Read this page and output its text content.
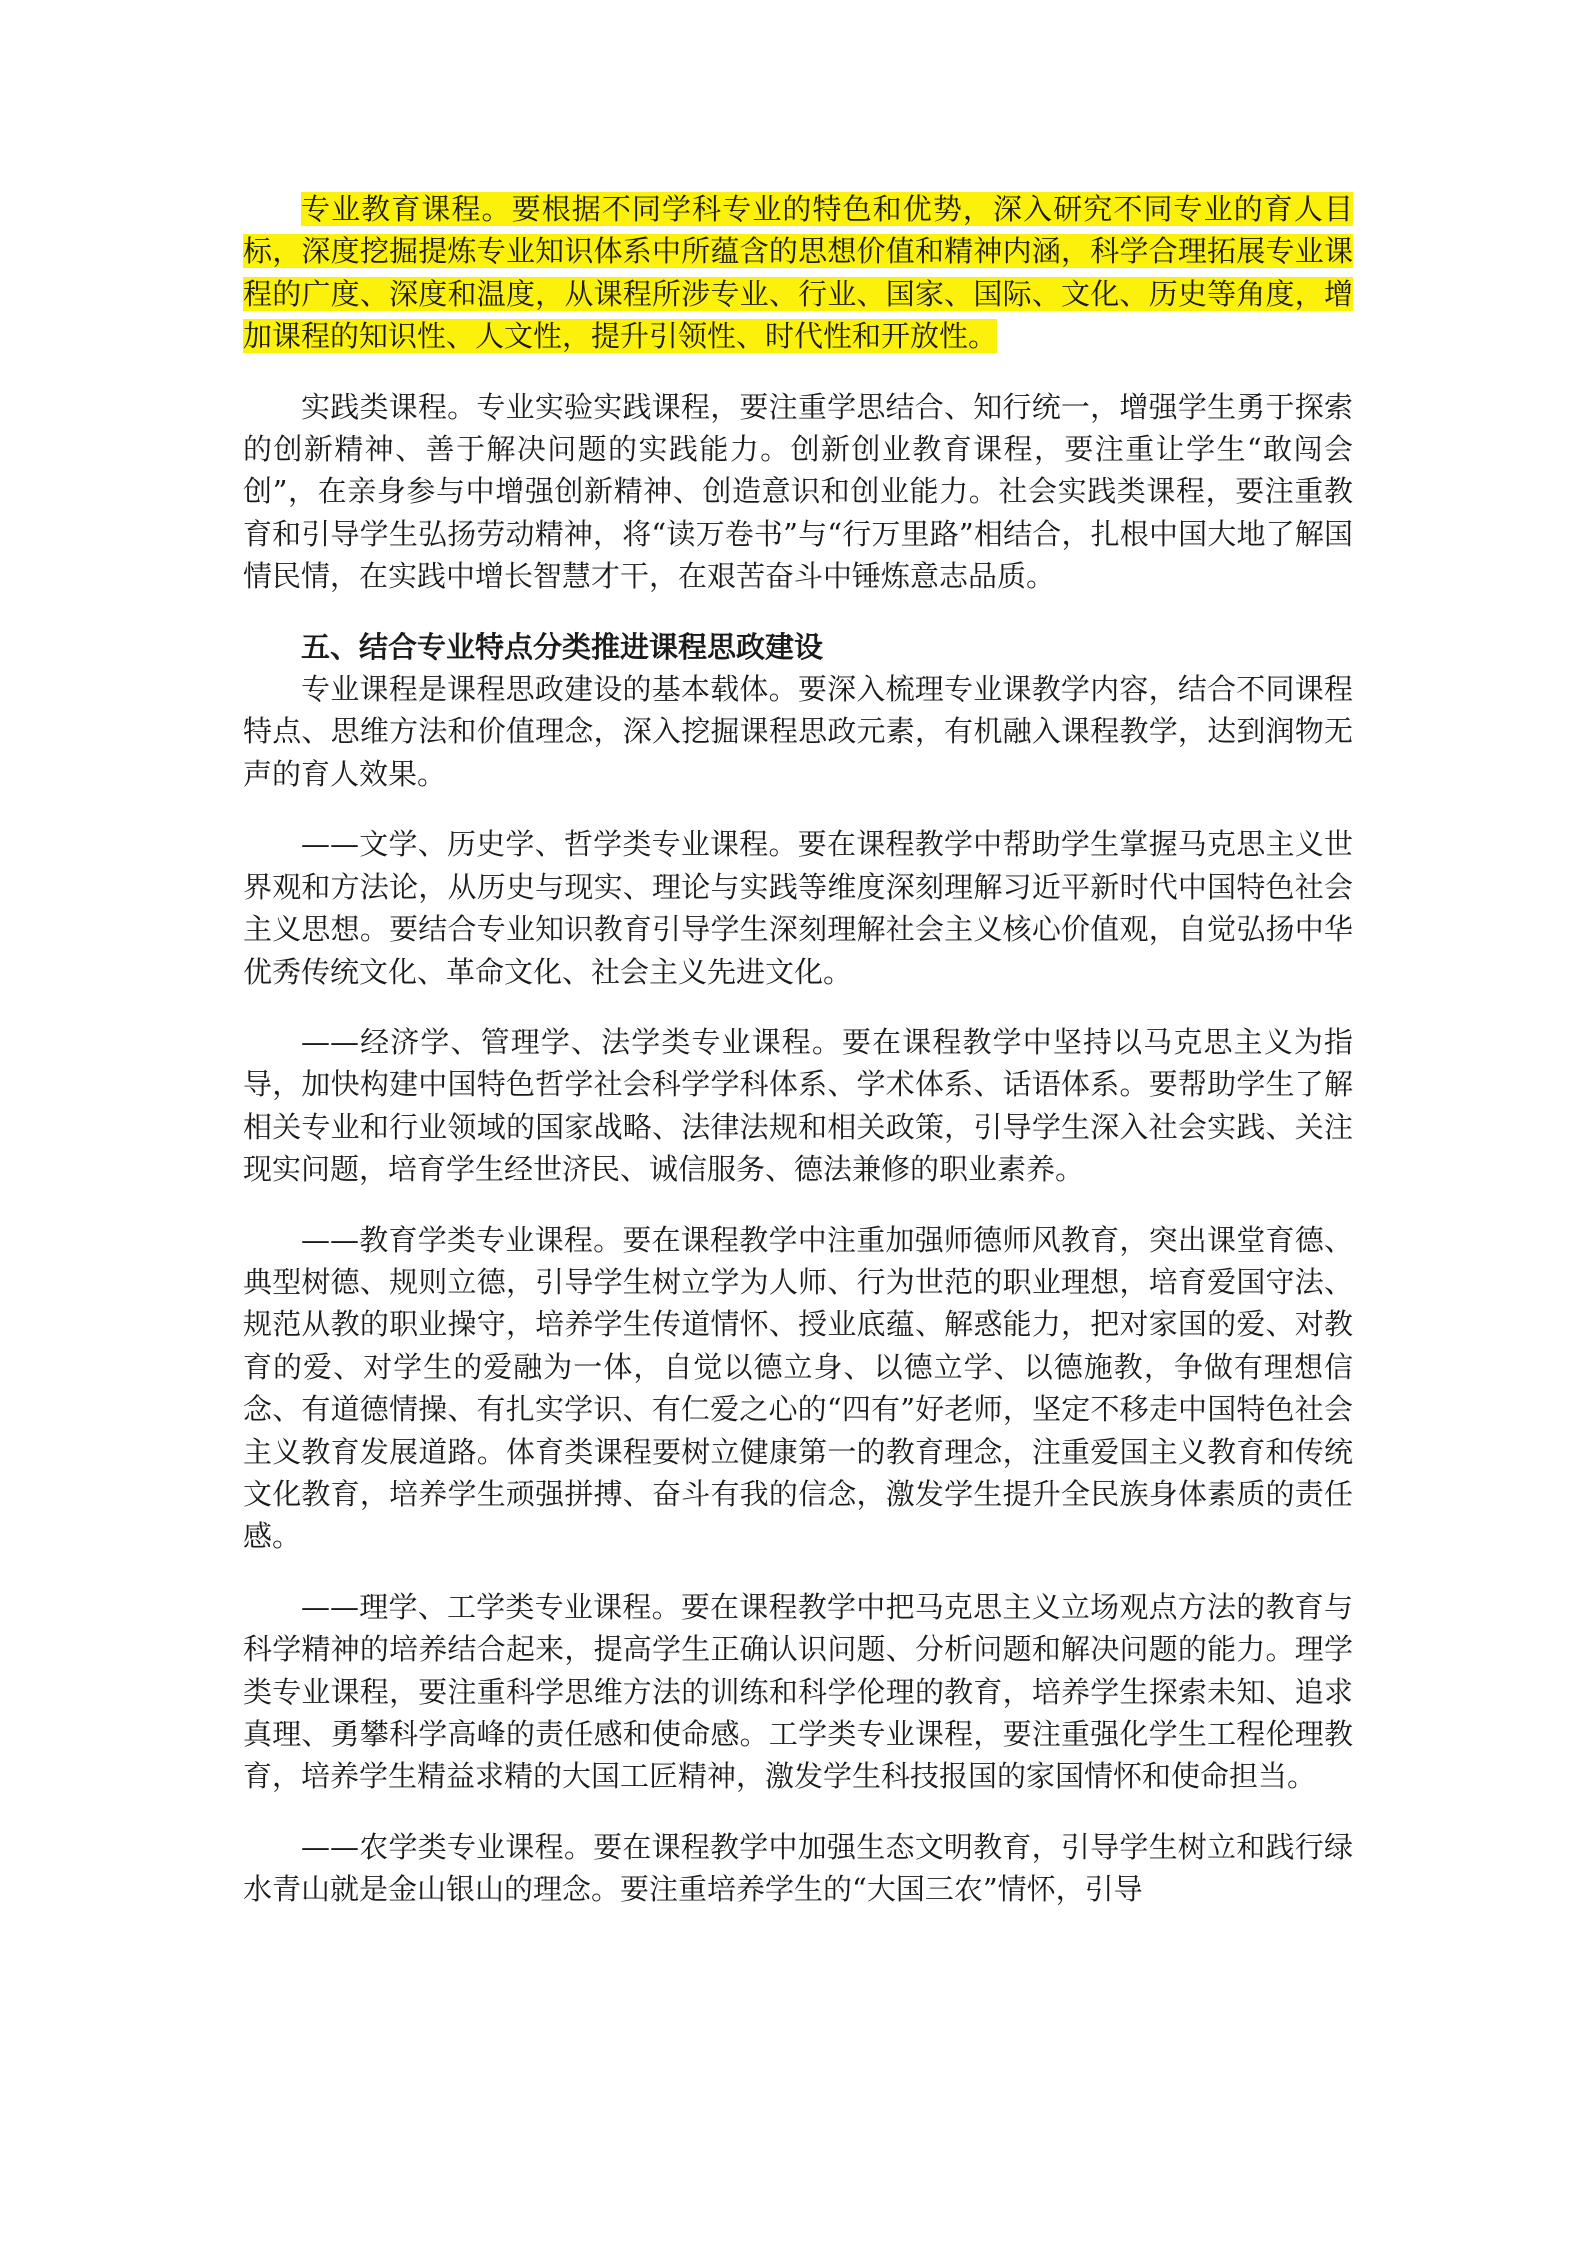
专业教育课程。要根据不同学科专业的特色和优势，深入研究不同专业的育人目标，深度挖掘提炼专业知识体系中所蕴含的思想价值和精神内涵，科学合理拓展专业课程的广度、深度和温度，从课程所涉专业、行业、国家、国际、文化、历史等角度，增加课程的知识性、人文性，提升引领性、时代性和开放性。

实践类课程。专业实验实践课程，要注重学思结合、知行统一，增强学生勇于探索的创新精神、善于解决问题的实践能力。创新创业教育课程，要注重让学生“敢闯会创”，在亲身参与中增强创新精神、创造意识和创业能力。社会实践类课程，要注重教育和引导学生弘扬劳动精神，将“读万卷书”与“行万里路”相结合，扎根中国大地了解国情民情，在实践中增长智慧才干，在艰苦奋斗中锤炼意志品质。

五、结合专业特点分类推进课程思政建设

专业课程是课程思政建设的基本载体。要深入梳理专业课教学内容，结合不同课程特点、思维方法和价值理念，深入挖掘课程思政元素，有机融入课程教学，达到润物无声的育人效果。

——文学、历史学、哲学类专业课程。要在课程教学中帮助学生掌握马克思主义世界观和方法论，从历史与现实、理论与实践等维度深刻理解习近平新时代中国特色社会主义思想。要结合专业知识教育引导学生深刻理解社会主义核心价值观，自觉弘扬中华优秀传统文化、革命文化、社会主义先进文化。

——经济学、管理学、法学类专业课程。要在课程教学中坚持以马克思主义为指导，加快构建中国特色哲学社会科学学科体系、学术体系、话语体系。要帮助学生了解相关专业和行业领域的国家战略、法律法规和相关政策，引导学生深入社会实践、关注现实问题，培育学生经世济民、诚信服务、德法兼修的职业素养。

——教育学类专业课程。要在课程教学中注重加强师德师风教育，突出课堂育德、典型树德、规则立德，引导学生树立学为人师、行为世范的职业理想，培育爱国守法、规范从教的职业操守，培养学生传道情怀、授业底蕴、解惑能力，把对家国的爱、对教育的爱、对学生的爱融为一体，自觉以德立身、以德立学、以德施教，争做有理想信念、有道德情操、有扎实学识、有仁爱之心的“四有”好老师，坚定不移走中国特色社会主义教育发展道路。体育类课程要树立健康第一的教育理念，注重爱国主义教育和传统文化教育，培养学生顽强拼搏、奋斗有我的信念，激发学生提升全民族身体素质的责任感。

——理学、工学类专业课程。要在课程教学中把马克思主义立场观点方法的教育与科学精神的培养结合起来，提高学生正确认识问题、分析问题和解决问题的能力。理学类专业课程，要注重科学思维方法的训练和科学伦理的教育，培养学生探索未知、追求真理、勇攀科学高峰的责任感和使命感。工学类专业课程，要注重强化学生工程伦理教育，培养学生精益求精的大国工匠精神，激发学生科技报国的家国情怀和使命担当。

——农学类专业课程。要在课程教学中加强生态文明教育，引导学生树立和践行绿水青山就是金山银山的理念。要注重培养学生的“大国三农”情怀，引导
